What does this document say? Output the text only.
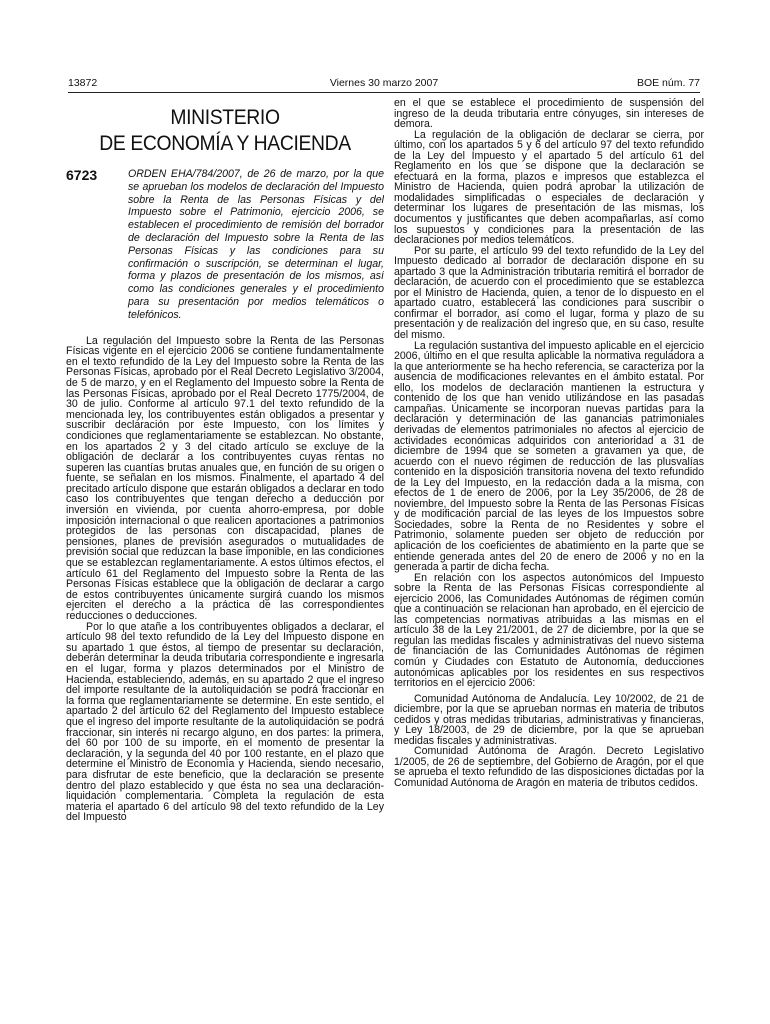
13872	Viernes 30 marzo 2007	BOE núm. 77
MINISTERIO
DE ECONOMÍA Y HACIENDA
6723	ORDEN EHA/784/2007, de 26 de marzo, por la que se aprueban los modelos de declaración del Impuesto sobre la Renta de las Personas Físicas y del Impuesto sobre el Patrimonio, ejercicio 2006, se establecen el procedimiento de remisión del borrador de declaración del Impuesto sobre la Renta de las Personas Físicas y las condiciones para su confirmación o suscripción, se determinan el lugar, forma y plazos de presentación de los mismos, así como las condiciones generales y el procedimiento para su presentación por medios telemáticos o telefónicos.

La regulación del Impuesto sobre la Renta de las Personas Físicas vigente en el ejercicio 2006 se contiene fundamentalmente en el texto refundido de la Ley del Impuesto sobre la Renta de las Personas Físicas, aprobado por el Real Decreto Legislativo 3/2004, de 5 de marzo, y en el Reglamento del Impuesto sobre la Renta de las Personas Físicas, aprobado por el Real Decreto 1775/2004, de 30 de julio. Conforme al artículo 97.1 del texto refundido de la mencionada ley, los contribuyentes están obligados a presentar y suscribir declaración por este Impuesto, con los límites y condiciones que reglamentariamente se establezcan. No obstante, en los apartados 2 y 3 del citado artículo se excluye de la obligación de declarar a los contribuyentes cuyas rentas no superen las cuantías brutas anuales que, en función de su origen o fuente, se señalan en los mismos. Finalmente, el apartado 4 del precitado artículo dispone que estarán obligados a declarar en todo caso los contribuyentes que tengan derecho a deducción por inversión en vivienda, por cuenta ahorro-empresa, por doble imposición internacional o que realicen aportaciones a patrimonios protegidos de las personas con discapacidad, planes de pensiones, planes de previsión asegurados o mutualidades de previsión social que reduzcan la base imponible, en las condiciones que se establezcan reglamentariamente. A estos últimos efectos, el artículo 61 del Reglamento del Impuesto sobre la Renta de las Personas Físicas establece que la obligación de declarar a cargo de estos contribuyentes únicamente surgirá cuando los mismos ejerciten el derecho a la práctica de las correspondientes reducciones o deducciones.

Por lo que atañe a los contribuyentes obligados a declarar, el artículo 98 del texto refundido de la Ley del Impuesto dispone en su apartado 1 que éstos, al tiempo de presentar su declaración, deberán determinar la deuda tributaria correspondiente e ingresarla en el lugar, forma y plazos determinados por el Ministro de Hacienda, estableciendo, además, en su apartado 2 que el ingreso del importe resultante de la autoliquidación se podrá fraccionar en la forma que reglamentariamente se determine. En este sentido, el apartado 2 del artículo 62 del Reglamento del Impuesto establece que el ingreso del importe resultante de la autoliquidación se podrá fraccionar, sin interés ni recargo alguno, en dos partes: la primera, del 60 por 100 de su importe, en el momento de presentar la declaración, y la segunda del 40 por 100 restante, en el plazo que determine el Ministro de Economía y Hacienda, siendo necesario, para disfrutar de este beneficio, que la declaración se presente dentro del plazo establecido y que ésta no sea una declaración-liquidación complementaria. Completa la regulación de esta materia el apartado 6 del artículo 98 del texto refundido de la Ley del Impuesto

en el que se establece el procedimiento de suspensión del ingreso de la deuda tributaria entre cónyuges, sin intereses de demora.

La regulación de la obligación de declarar se cierra, por último, con los apartados 5 y 6 del artículo 97 del texto refundido de la Ley del Impuesto y el apartado 5 del artículo 61 del Reglamento en los que se dispone que la declaración se efectuará en la forma, plazos e impresos que establezca el Ministro de Hacienda, quien podrá aprobar la utilización de modalidades simplificadas o especiales de declaración y determinar los lugares de presentación de las mismas, los documentos y justificantes que deben acompañarlas, así como los supuestos y condiciones para la presentación de las declaraciones por medios telemáticos.

Por su parte, el artículo 99 del texto refundido de la Ley del Impuesto dedicado al borrador de declaración dispone en su apartado 3 que la Administración tributaria remitirá el borrador de declaración, de acuerdo con el procedimiento que se establezca por el Ministro de Hacienda, quien, a tenor de lo dispuesto en el apartado cuatro, establecerá las condiciones para suscribir o confirmar el borrador, así como el lugar, forma y plazo de su presentación y de realización del ingreso que, en su caso, resulte del mismo.

La regulación sustantiva del impuesto aplicable en el ejercicio 2006, último en el que resulta aplicable la normativa reguladora a la que anteriormente se ha hecho referencia, se caracteriza por la ausencia de modificaciones relevantes en el ámbito estatal. Por ello, los modelos de declaración mantienen la estructura y contenido de los que han venido utilizándose en las pasadas campañas. Únicamente se incorporan nuevas partidas para la declaración y determinación de las ganancias patrimoniales derivadas de elementos patrimoniales no afectos al ejercicio de actividades económicas adquiridos con anterioridad a 31 de diciembre de 1994 que se someten a gravamen ya que, de acuerdo con el nuevo régimen de reducción de las plusvalías contenido en la disposición transitoria novena del texto refundido de la Ley del Impuesto, en la redacción dada a la misma, con efectos de 1 de enero de 2006, por la Ley 35/2006, de 28 de noviembre, del Impuesto sobre la Renta de las Personas Físicas y de modificación parcial de las leyes de los Impuestos sobre Sociedades, sobre la Renta de no Residentes y sobre el Patrimonio, solamente pueden ser objeto de reducción por aplicación de los coeficientes de abatimiento en la parte que se entiende generada antes del 20 de enero de 2006 y no en la generada a partir de dicha fecha.

En relación con los aspectos autonómicos del Impuesto sobre la Renta de las Personas Físicas correspondiente al ejercicio 2006, las Comunidades Autónomas de régimen común que a continuación se relacionan han aprobado, en el ejercicio de las competencias normativas atribuidas a las mismas en el artículo 38 de la Ley 21/2001, de 27 de diciembre, por la que se regulan las medidas fiscales y administrativas del nuevo sistema de financiación de las Comunidades Autónomas de régimen común y Ciudades con Estatuto de Autonomía, deducciones autonómicas aplicables por los residentes en sus respectivos territorios en el ejercicio 2006:

Comunidad Autónoma de Andalucía. Ley 10/2002, de 21 de diciembre, por la que se aprueban normas en materia de tributos cedidos y otras medidas tributarias, administrativas y financieras, y Ley 18/2003, de 29 de diciembre, por la que se aprueban medidas fiscales y administrativas.

Comunidad Autónoma de Aragón. Decreto Legislativo 1/2005, de 26 de septiembre, del Gobierno de Aragón, por el que se aprueba el texto refundido de las disposiciones dictadas por la Comunidad Autónoma de Aragón en materia de tributos cedidos.
